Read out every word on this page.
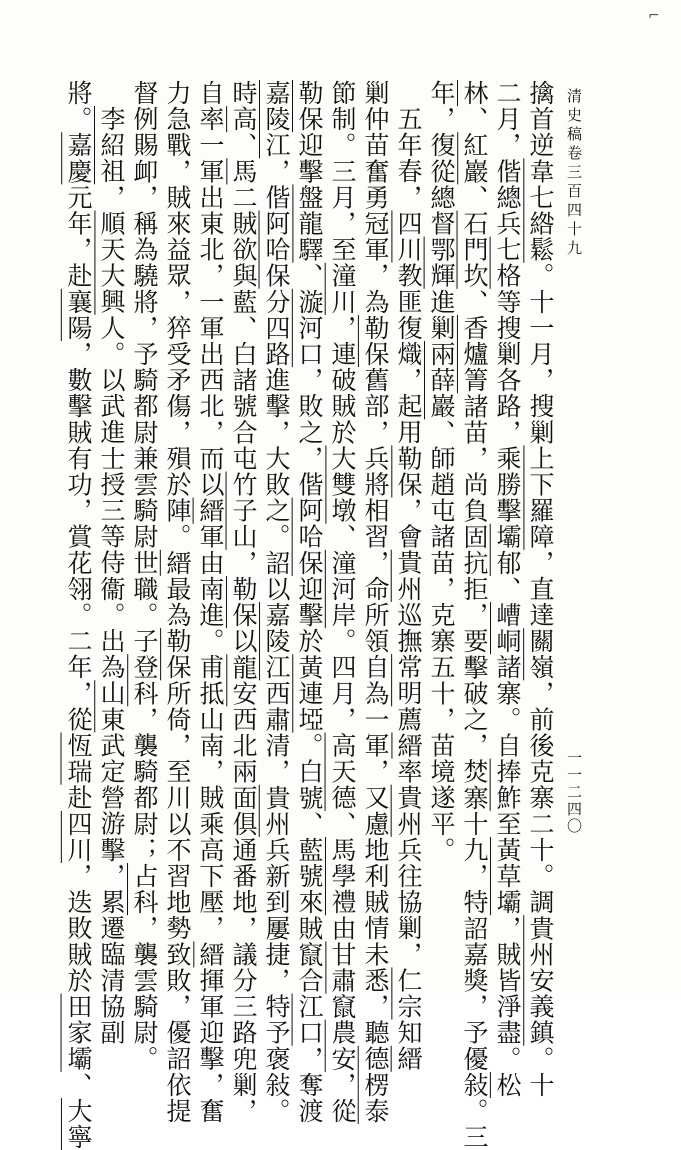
⌐
清史稿卷三百四十九
一一二四〇
擒首逆韋七綹鬆。十一月，搜剿上下羅障，直達關嶺，前後克寨二十。調貴州安義鎮。十
二月，偕總兵七格等搜剿各路，乘勝擊壩郁、嶆峒諸寨。自捧鮓至黃草壩，賊皆淨盡。松
林、紅巖、石門坎、香爐箐諸苗，尚負固抗拒，要擊破之，焚寨十九，特詔嘉獎，予優敍。三
年，復從總督鄂輝進剿兩薛巖、師趙屯諸苗，克寨五十，苗境遂平。
五年春，四川教匪復熾，起用勒保，會貴州巡撫常明薦縉率貴州兵往協剿，仁宗知縉
剿仲苗奮勇冠軍，為勒保舊部，兵將相習，命所領自為一軍，又慮地利賊情未悉，聽德楞泰
節制。三月，至潼川，連破賊於大雙墩、潼河岸。四月，高天德、馬學禮由甘肅竄農安，從
勒保迎擊盤龍驛、漩河口，敗之，偕阿哈保迎擊於黃連埡。白號、藍號來賊竄合江口，奪渡
嘉陵江，偕阿哈保分四路進擊，大敗之。詔以嘉陵江西肅清，貴州兵新到屢捷，特予褒敍。
時高、馬二賊欲與藍、白諸號合屯竹子山，勒保以龍安西北兩面俱通番地，議分三路兜剿，
自率一軍出東北，一軍出西北，而以縉軍由南進。甫抵山南，賊乘高下壓，縉揮軍迎擊，奮
力急戰，賊來益眾，猝受矛傷，殞於陣。縉最為勒保所倚，至川以不習地勢致敗，優詔依提
督例賜卹，稱為驍將，予騎都尉兼雲騎尉世職。子登科，襲騎都尉；占科，襲雲騎尉。
李紹祖，順天大興人。以武進士授三等侍衞。出為山東武定營游擊，累遷臨清協副
將。嘉慶元年，赴襄陽，數擊賊有功，賞花翎。二年，從恆瑞赴四川，迭敗賊於田家壩、大寧
